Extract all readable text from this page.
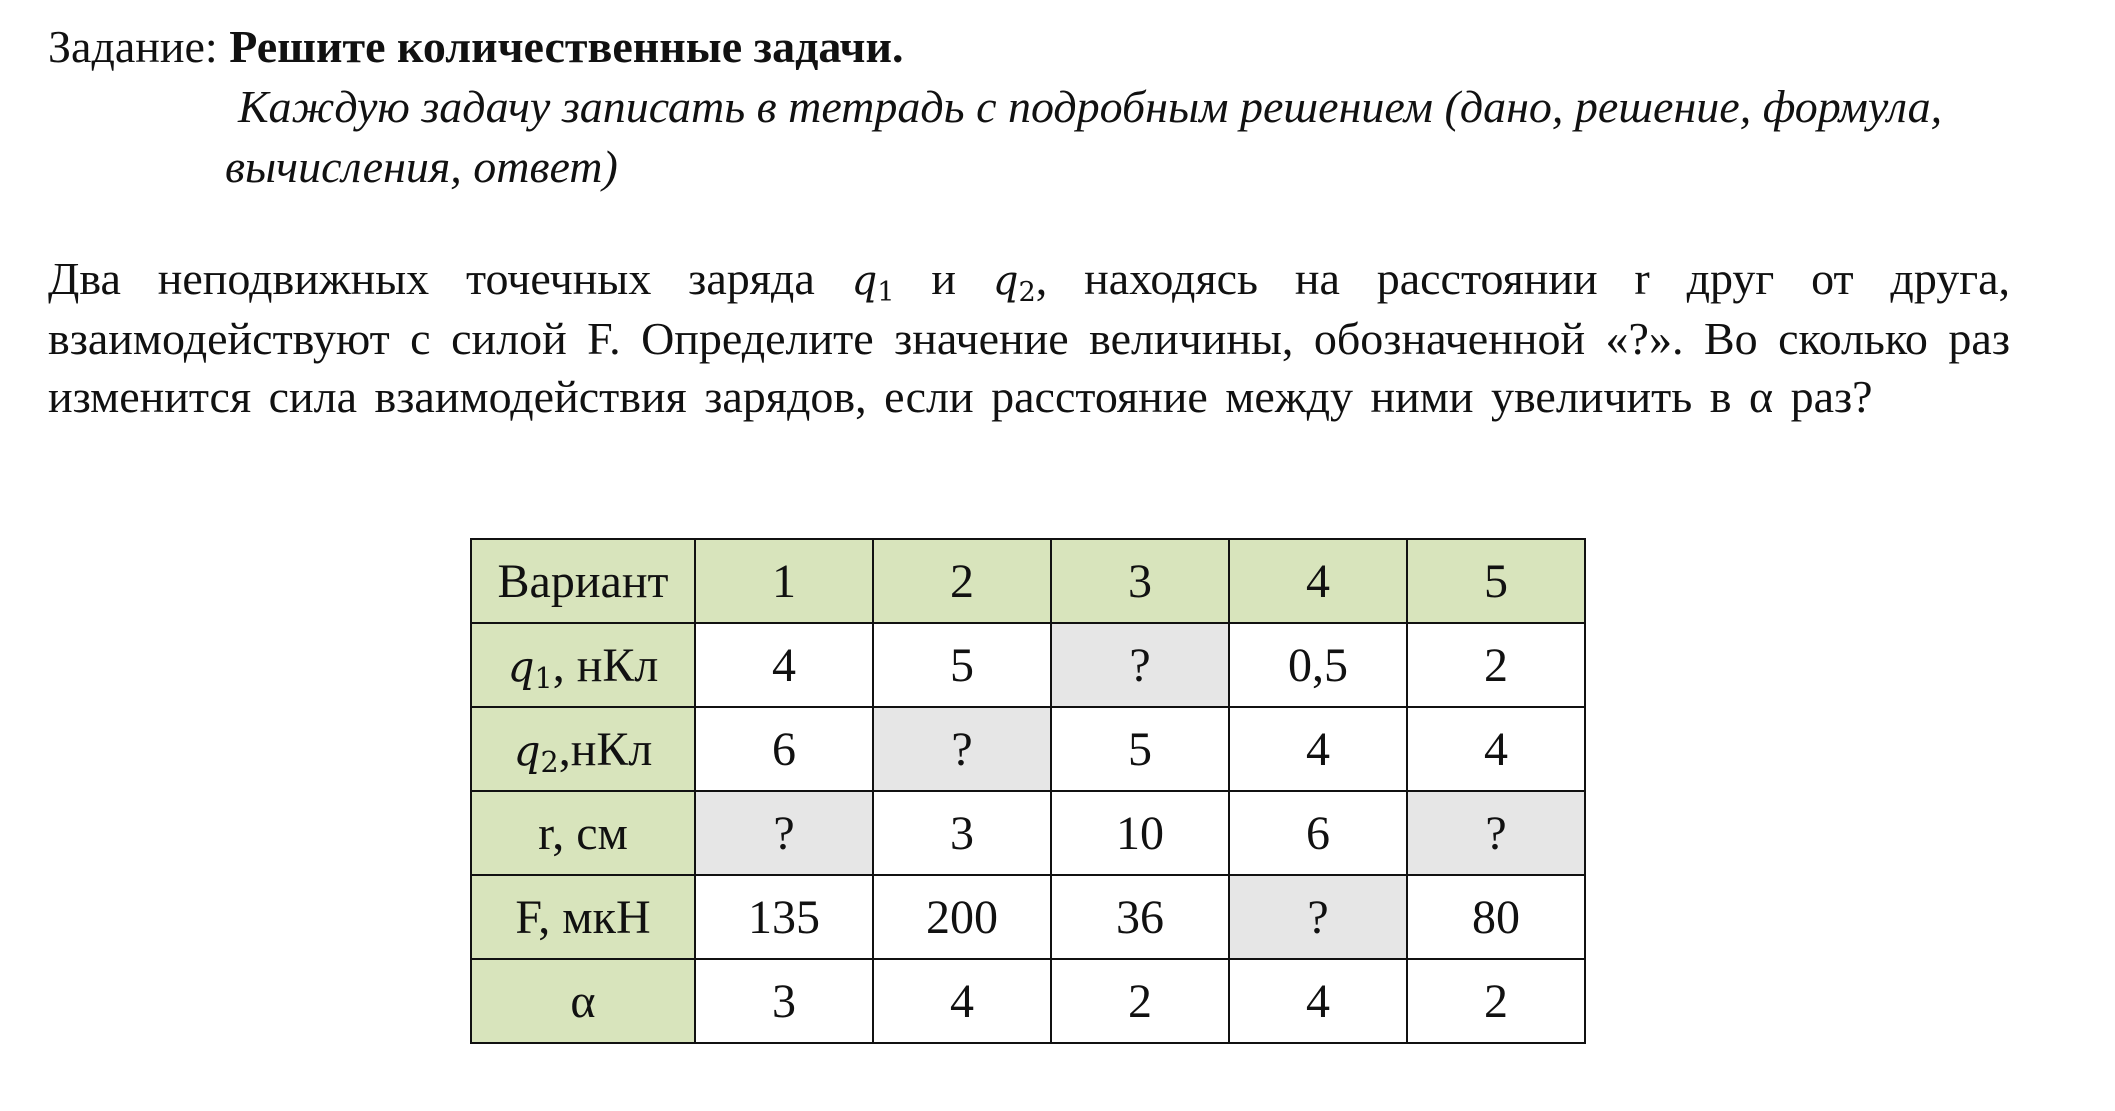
Задание: Решите количественные задачи.
Каждую задачу записать в тетрадь с подробным решением (дано, решение, формула, вычисления, ответ)
Два неподвижных точечных заряда $q_1$ и $q_2$, находясь на расстоянии r друг от друга, взаимодействуют с силой F. Определите значение величины, обозначенной «?». Во сколько раз изменится сила взаимодействия зарядов, если расстояние между ними увеличить в α раз?
Вариант	1	2	3	4	5
$q_1$, нКл	4	5	?	0,5	2
$q_2,нКл$	6	?	5	4	4
r, см	?	3	10	6	?
F, мкН	135	200	36	?	80
α	3	4	2	4	2
